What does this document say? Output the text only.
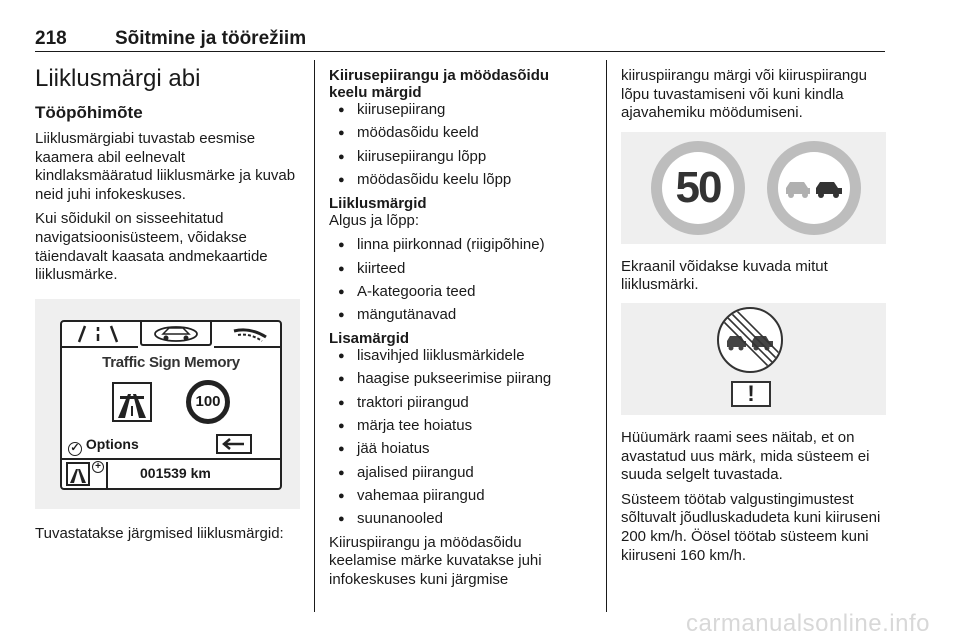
218	Sõitmine ja töörežiim
Liiklusmärgi abi
Tööpõhimõte

Liiklusmärgiabi tuvastab eesmise kaamera abil eelnevalt kindlaksmääratud liiklusmärke ja kuvab neid juhi infokeskuses.

Kui sõidukil on sisseehitatud navigatsioonisüsteem, võidakse täiendavalt kaasata andmekaartide liiklusmärke.

Traffic Sign Memory
100
✓ Options
+	001539 km

Tuvastatakse järgmised liiklusmärgid:

Kiirusepiirangu ja möödasõidu keelu märgid

● kiirusepiirang
● möödasõidu keeld
● kiirusepiirangu lõpp
● möödasõidu keelu lõpp

Liiklusmärgid

Algus ja lõpp:

● linna piirkonnad (riigipõhine)
● kiirteed
● A-kategooria teed
● mängutänavad

Lisamärgid

● lisavihjed liiklusmärkidele
● haagise pukseerimise piirang
● traktori piirangud
● märja tee hoiatus
● jää hoiatus
● ajalised piirangud
● vahemaa piirangud
● suunanooled

Kiiruspiirangu ja möödasõidu keelamise märke kuvatakse juhi infokeskuses kuni järgmise

kiiruspiirangu märgi või kiiruspiirangu lõpu tuvastamiseni või kuni kindla ajavahemiku möödumiseni.

50

Ekraanil võidakse kuvada mitut liiklusmärki.

!

Hüüumärk raami sees näitab, et on avastatud uus märk, mida süsteem ei suuda selgelt tuvastada.

Süsteem töötab valgustingimustest sõltuvalt jõudluskadudeta kuni kiiruseni 200 km/h. Öösel töötab süsteem kuni kiiruseni 160 km/h.

carmanualsonline.info
